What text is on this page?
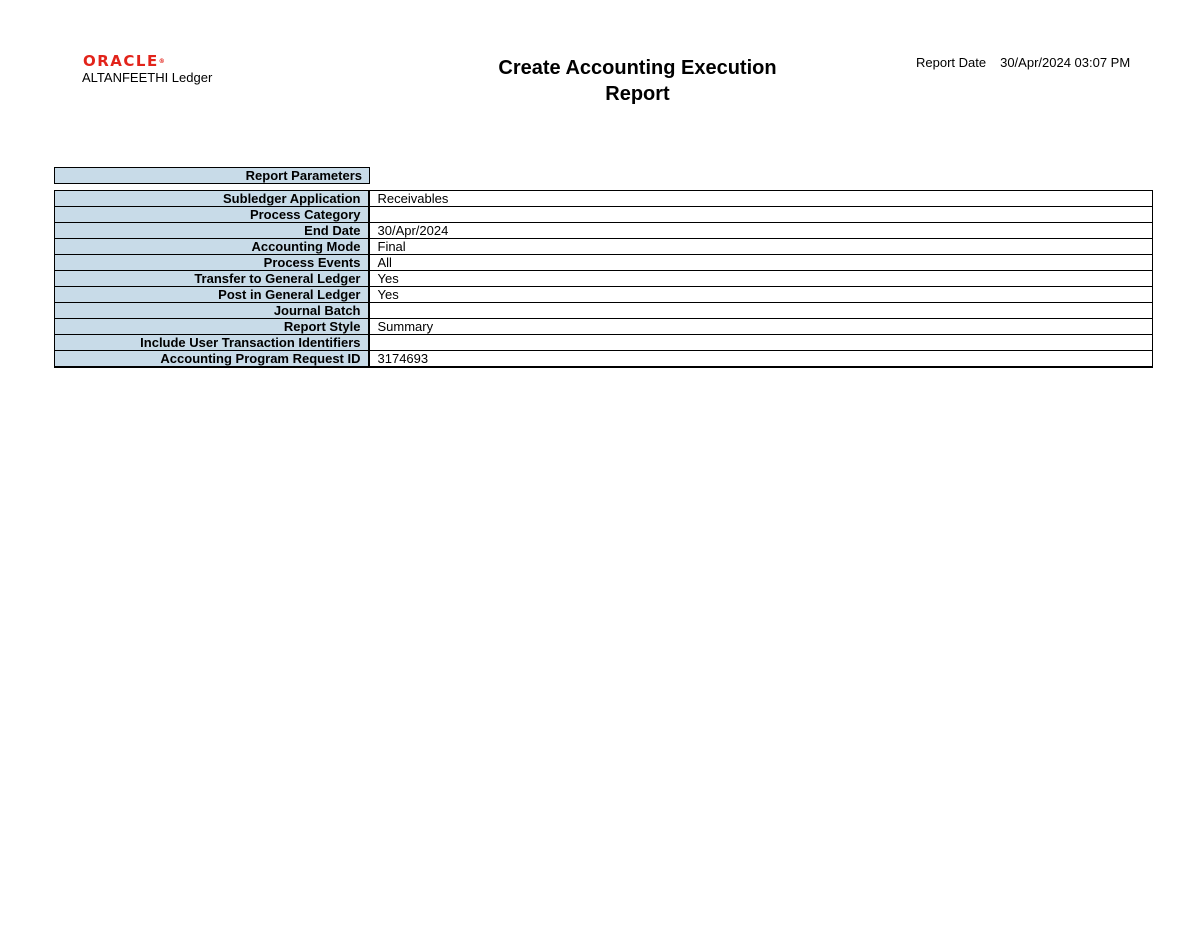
ORACLE®
ALTANFEETHI Ledger	Create Accounting Execution
Report
Report Date 30/Apr/2024 03:07 PM
Report Parameters
Subledger Application	Receivables
Process Category	
End Date	30/Apr/2024
Accounting Mode	Final
Process Events	All
Transfer to General Ledger	Yes
Post in General Ledger	Yes
Journal Batch	
Report Style	Summary
Include User Transaction Identifiers	
Accounting Program Request ID	3174693
